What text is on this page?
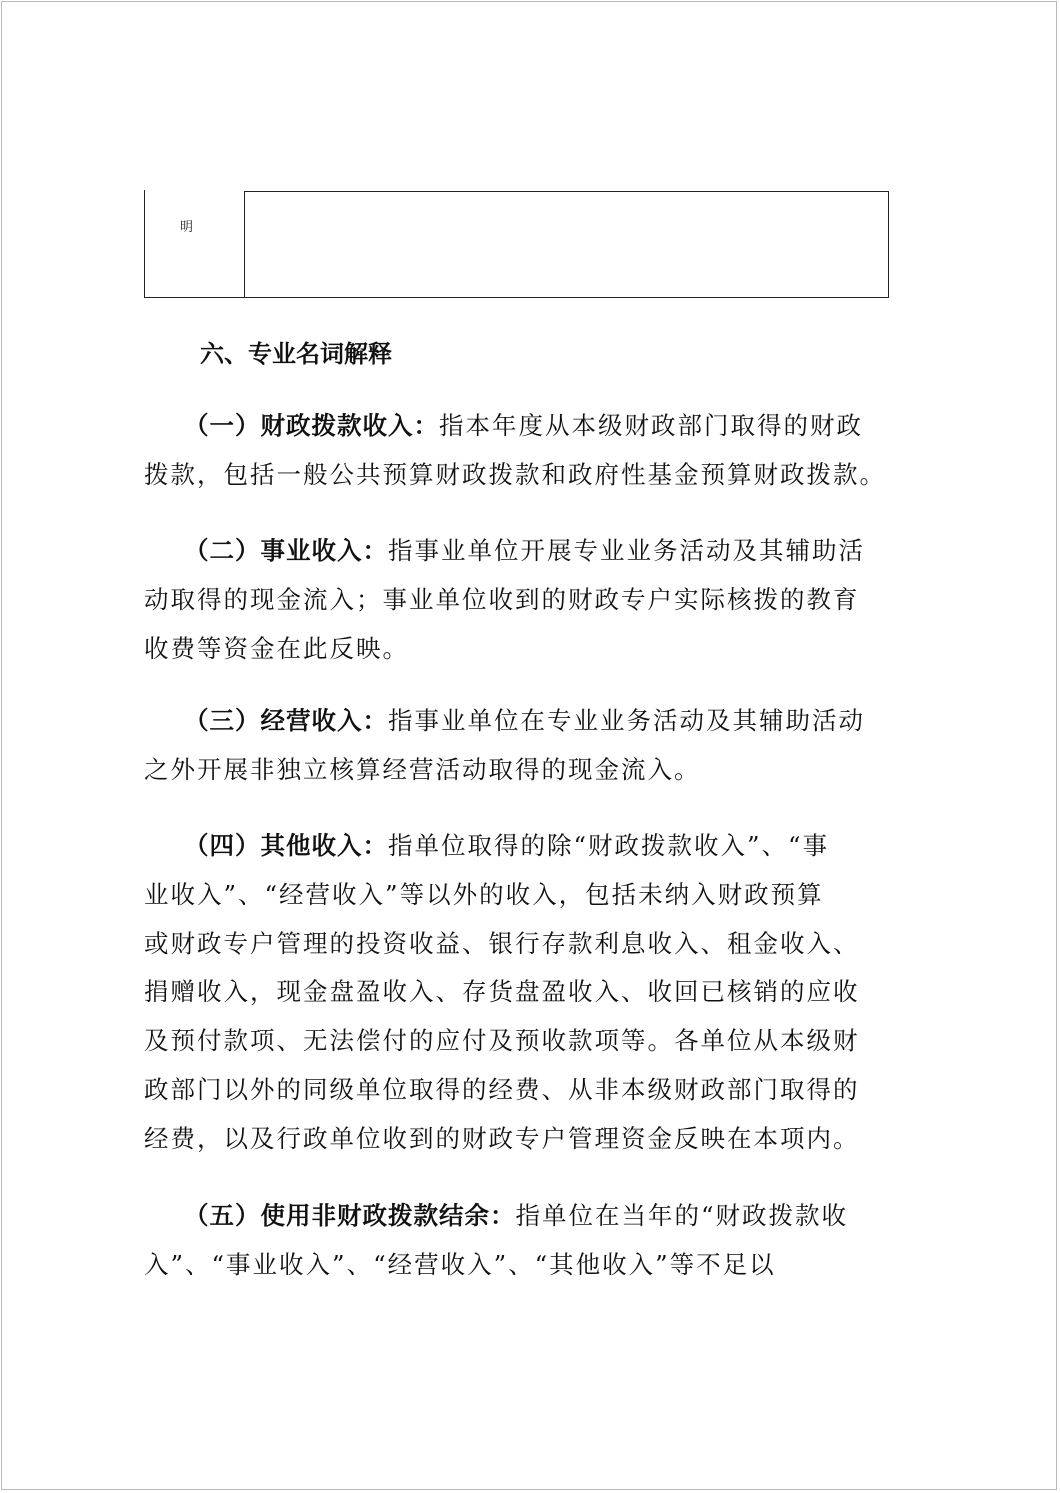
明
六、专业名词解释
（一）财政拨款收入：指本年度从本级财政部门取得的财政
拨款，包括一般公共预算财政拨款和政府性基金预算财政拨款。
（二）事业收入：指事业单位开展专业业务活动及其辅助活
动取得的现金流入；事业单位收到的财政专户实际核拨的教育
收费等资金在此反映。
（三）经营收入：指事业单位在专业业务活动及其辅助活动
之外开展非独立核算经营活动取得的现金流入。
（四）其他收入：指单位取得的除“财政拨款收入”、“事
业收入”、“经营收入”等以外的收入，包括未纳入财政预算
或财政专户管理的投资收益、银行存款利息收入、租金收入、
捐赠收入，现金盘盈收入、存货盘盈收入、收回已核销的应收
及预付款项、无法偿付的应付及预收款项等。各单位从本级财
政部门以外的同级单位取得的经费、从非本级财政部门取得的
经费，以及行政单位收到的财政专户管理资金反映在本项内。
（五）使用非财政拨款结余：指单位在当年的“财政拨款收
入”、“事业收入”、“经营收入”、“其他收入”等不足以
